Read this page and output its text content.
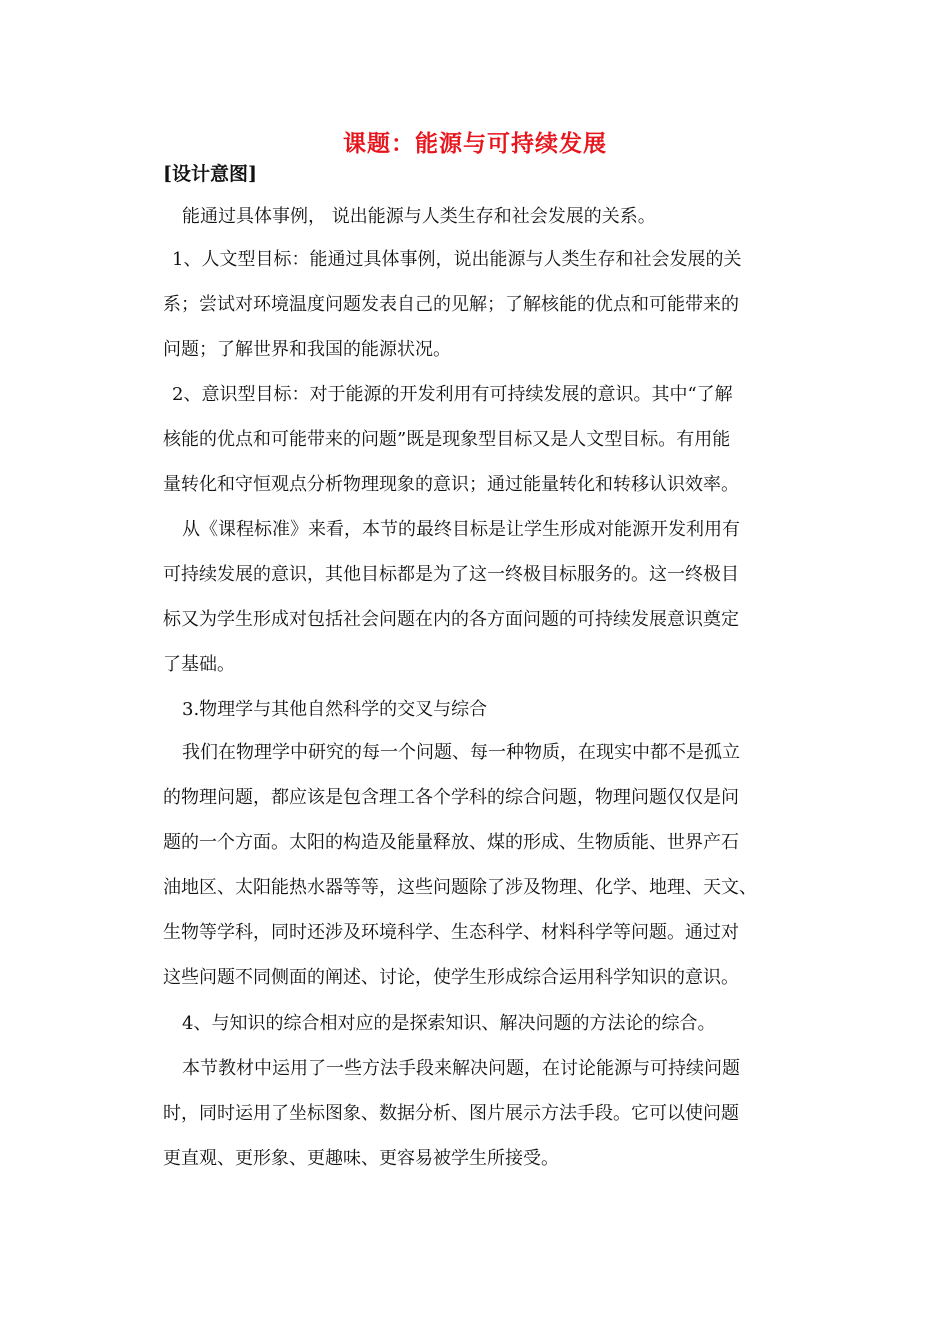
课题：能源与可持续发展
[设计意图]
能通过具体事例， 说出能源与人类生存和社会发展的关系。
1、人文型目标：能通过具体事例，说出能源与人类生存和社会发展的关
系；尝试对环境温度问题发表自己的见解；了解核能的优点和可能带来的
问题；了解世界和我国的能源状况。
2、意识型目标：对于能源的开发利用有可持续发展的意识。其中“了解
核能的优点和可能带来的问题”既是现象型目标又是人文型目标。有用能
量转化和守恒观点分析物理现象的意识；通过能量转化和转移认识效率。
从《课程标准》来看，本节的最终目标是让学生形成对能源开发利用有
可持续发展的意识，其他目标都是为了这一终极目标服务的。这一终极目
标又为学生形成对包括社会问题在内的各方面问题的可持续发展意识奠定
了基础。
3.物理学与其他自然科学的交叉与综合
我们在物理学中研究的每一个问题、每一种物质，在现实中都不是孤立
的物理问题，都应该是包含理工各个学科的综合问题，物理问题仅仅是问
题的一个方面。太阳的构造及能量释放、煤的形成、生物质能、世界产石
油地区、太阳能热水器等等，这些问题除了涉及物理、化学、地理、天文、
生物等学科，同时还涉及环境科学、生态科学、材料科学等问题。通过对
这些问题不同侧面的阐述、讨论，使学生形成综合运用科学知识的意识。
4、与知识的综合相对应的是探索知识、解决问题的方法论的综合。
本节教材中运用了一些方法手段来解决问题，在讨论能源与可持续问题
时，同时运用了坐标图象、数据分析、图片展示方法手段。它可以使问题
更直观、更形象、更趣味、更容易被学生所接受。
